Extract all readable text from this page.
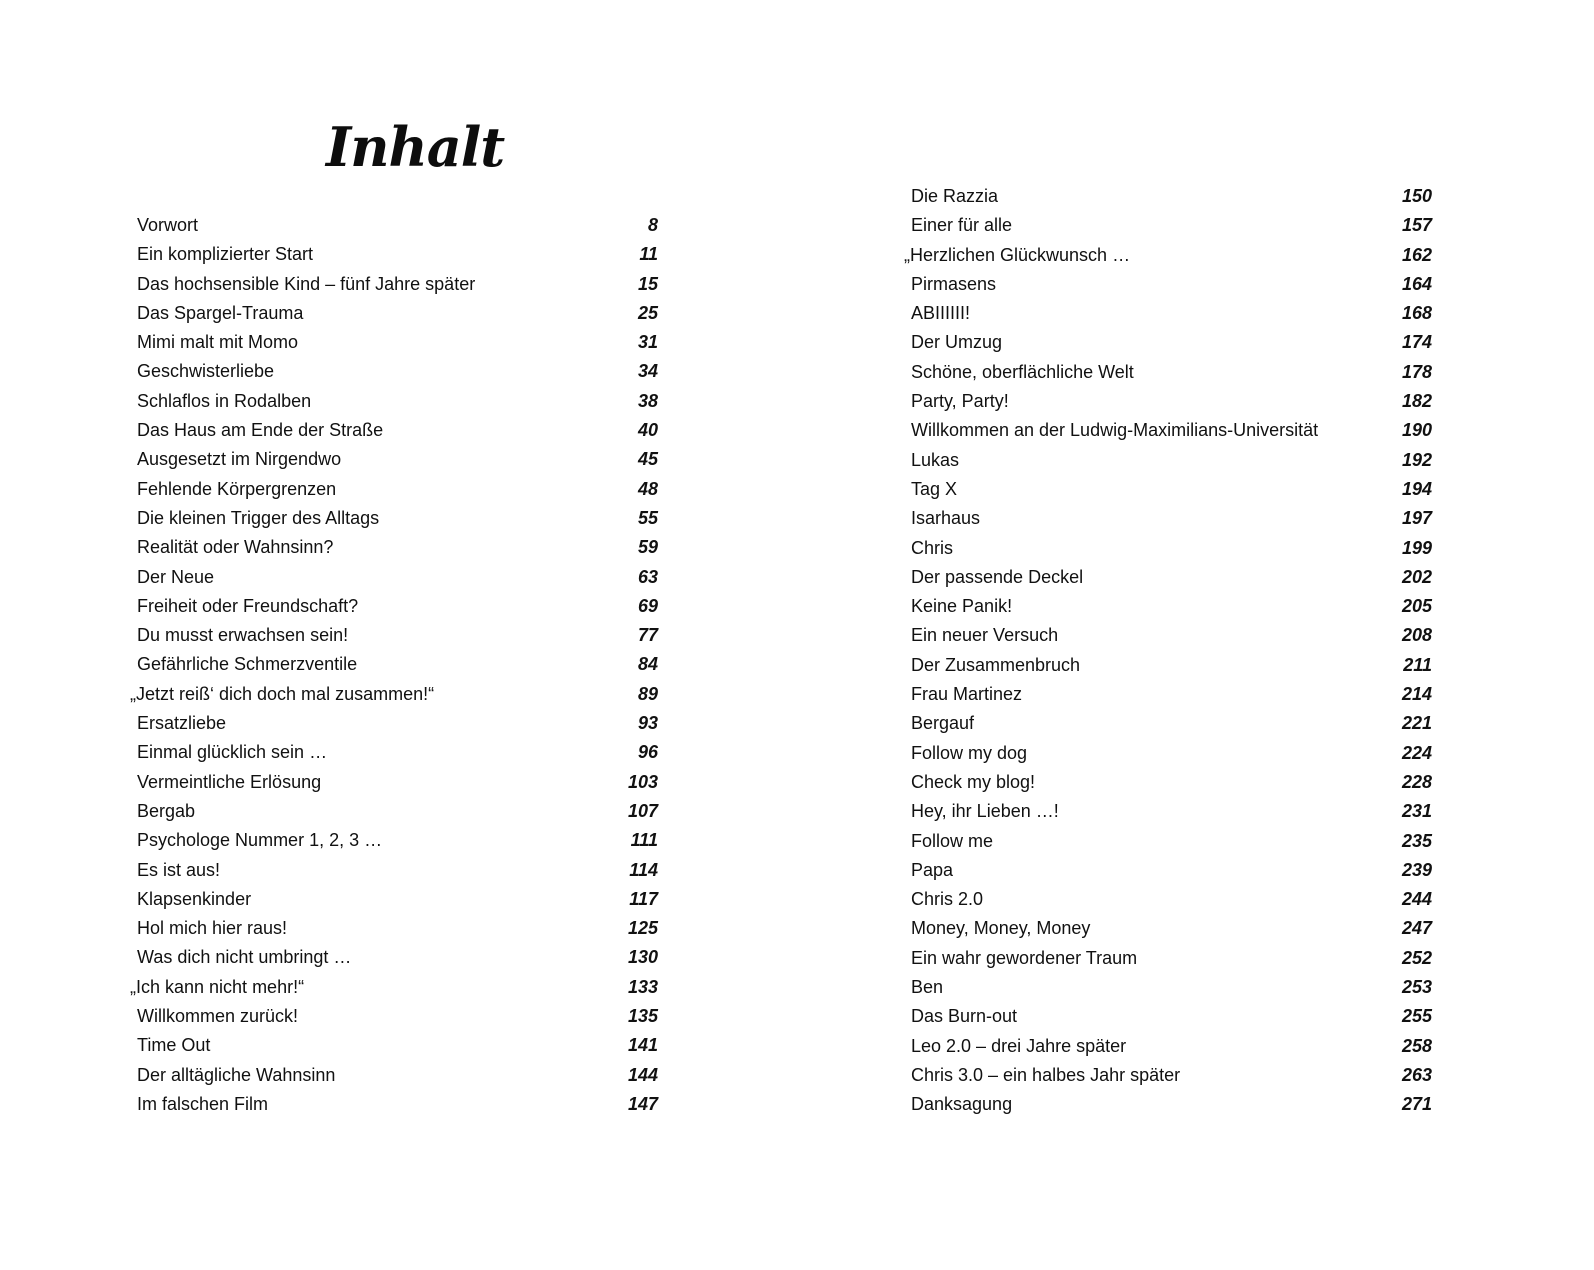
Inhalt
Vorwort	8
Ein komplizierter Start	11
Das hochsensible Kind – fünf Jahre später	15
Das Spargel-Trauma	25
Mimi malt mit Momo	31
Geschwisterliebe	34
Schlaflos in Rodalben	38
Das Haus am Ende der Straße	40
Ausgesetzt im Nirgendwo	45
Fehlende Körpergrenzen	48
Die kleinen Trigger des Alltags	55
Realität oder Wahnsinn?	59
Der Neue	63
Freiheit oder Freundschaft?	69
Du musst erwachsen sein!	77
Gefährliche Schmerzventile	84
„Jetzt reiß‘ dich doch mal zusammen!“	89
Ersatzliebe	93
Einmal glücklich sein …	96
Vermeintliche Erlösung	103
Bergab	107
Psychologe Nummer 1, 2, 3 …	111
Es ist aus!	114
Klapsenkinder	117
Hol mich hier raus!	125
Was dich nicht umbringt …	130
„Ich kann nicht mehr!“	133
Willkommen zurück!	135
Time Out	141
Der alltägliche Wahnsinn	144
Im falschen Film	147
Die Razzia	150
Einer für alle	157
„Herzlichen Glückwunsch …	162
Pirmasens	164
ABIIIIII!	168
Der Umzug	174
Schöne, oberflächliche Welt	178
Party, Party!	182
Willkommen an der Ludwig-Maximilians-Universität	190
Lukas	192
Tag X	194
Isarhaus	197
Chris	199
Der passende Deckel	202
Keine Panik!	205
Ein neuer Versuch	208
Der Zusammenbruch	211
Frau Martinez	214
Bergauf	221
Follow my dog	224
Check my blog!	228
Hey, ihr Lieben …!	231
Follow me	235
Papa	239
Chris 2.0	244
Money, Money, Money	247
Ein wahr gewordener Traum	252
Ben	253
Das Burn-out	255
Leo 2.0 – drei Jahre später	258
Chris 3.0 – ein halbes Jahr später	263
Danksagung	271
